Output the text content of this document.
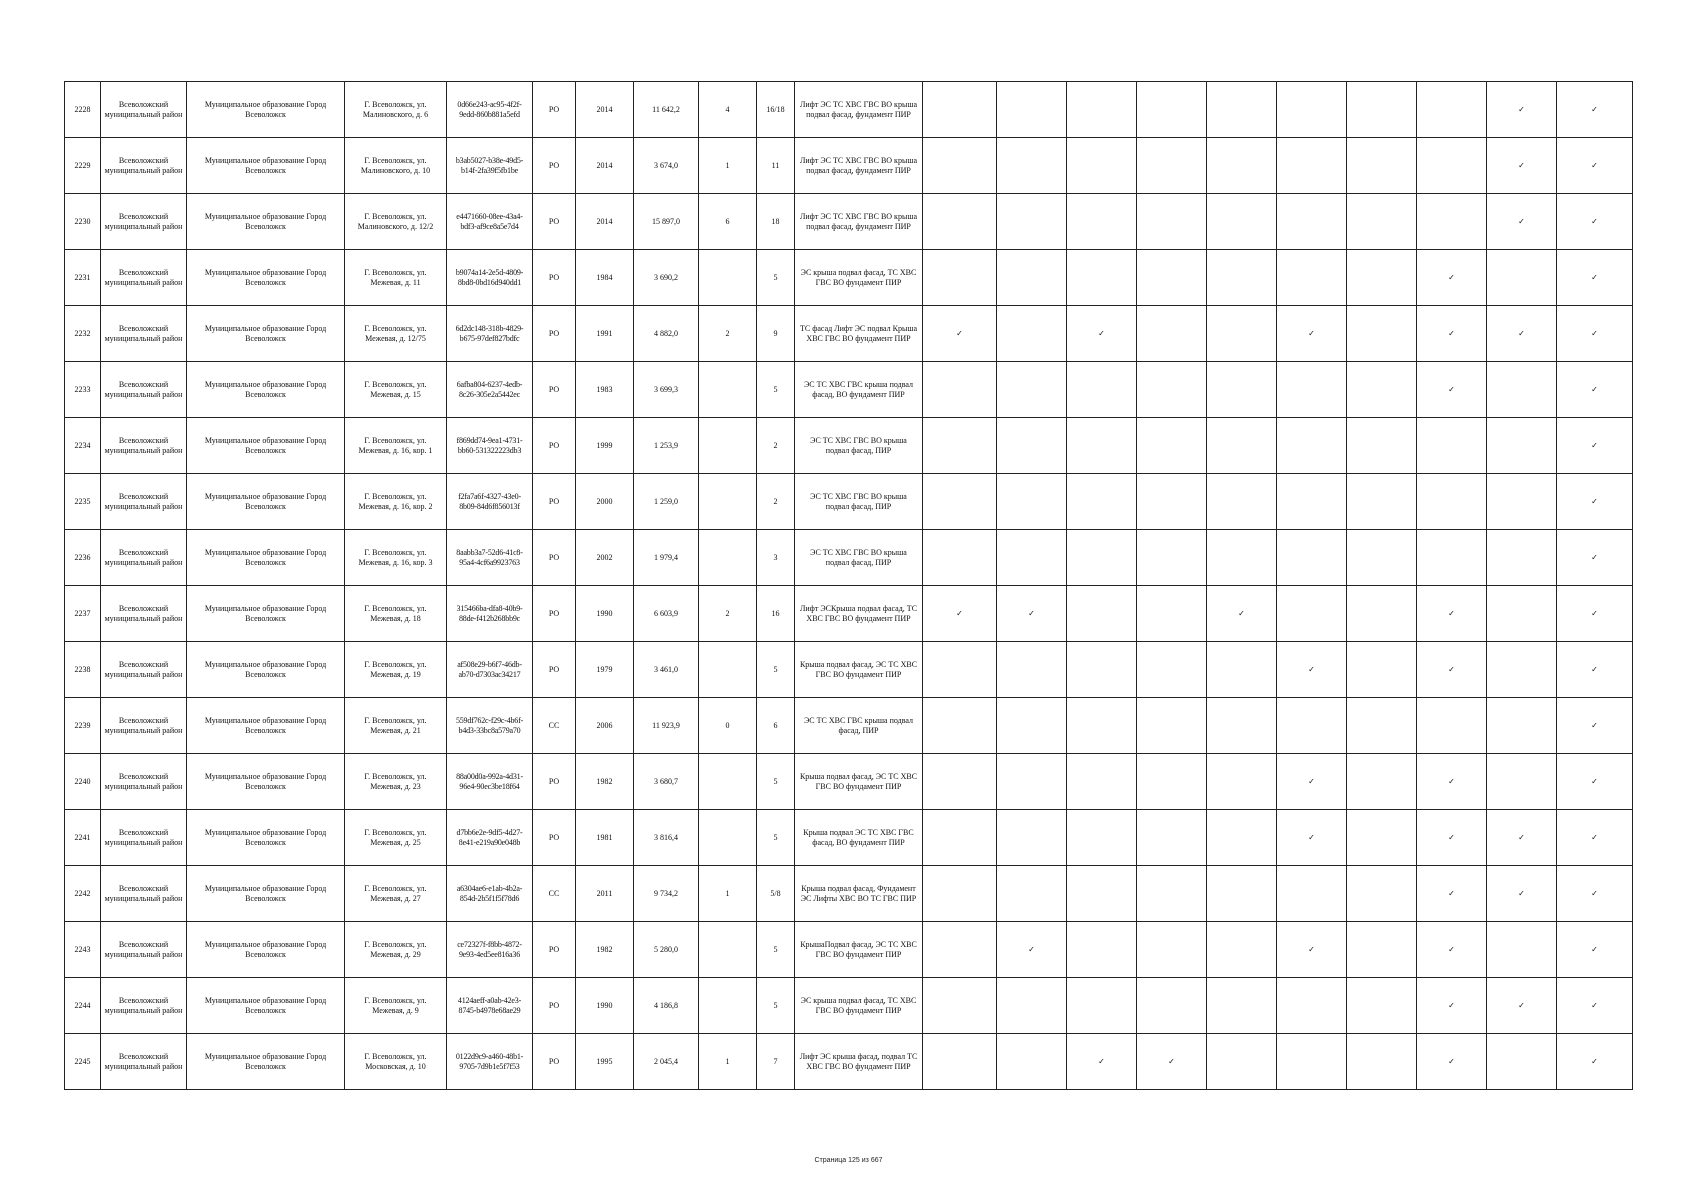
2228	Всеволожский муниципальный район	Муниципальное образование Город Всеволожск	Г. Всеволожск, ул. Малиновского, д. 6	0d66e243-ac95-4f2f-9edd-860b881a5efd	РО	2014	11 642,2	4	16/18	Лифт ЭС ТС ХВС ГВС ВО крыша подвал фасад, фундамент ПИР									✓	✓
2229	Всеволожский муниципальный район	Муниципальное образование Город Всеволожск	Г. Всеволожск, ул. Малиновского, д. 10	b3ab5027-b38e-49d5-b14f-2fa39f5fb1be	РО	2014	3 674,0	1	11	Лифт ЭС ТС ХВС ГВС ВО крыша подвал фасад, фундамент ПИР									✓	✓
2230	Всеволожский муниципальный район	Муниципальное образование Город Всеволожск	Г. Всеволожск, ул. Малиновского, д. 12/2	e4471660-08ee-43a4-bdf3-af9ce8a5e7d4	РО	2014	15 897,0	6	18	Лифт ЭС ТС ХВС ГВС ВО крыша подвал фасад, фундамент ПИР									✓	✓
2231	Всеволожский муниципальный район	Муниципальное образование Город Всеволожск	Г. Всеволожск, ул. Межевая, д. 11	b9074a14-2e5d-4809-8bd8-0bd16d940dd1	РО	1984	3 690,2		5	ЭС крыша подвал фасад, ТС ХВС ГВС ВО фундамент ПИР								✓		✓
2232	Всеволожский муниципальный район	Муниципальное образование Город Всеволожск	Г. Всеволожск, ул. Межевая, д. 12/75	6d2dc148-318b-4829-b675-97def827bdfc	РО	1991	4 882,0	2	9	ТС фасад Лифт ЭС подвал Крыша ХВС ГВС ВО фундамент ПИР	✓		✓			✓		✓	✓	✓
2233	Всеволожский муниципальный район	Муниципальное образование Город Всеволожск	Г. Всеволожск, ул. Межевая, д. 15	6afba804-6237-4edb-8c26-305e2a5442ec	РО	1983	3 699,3		5	ЭС ТС ХВС ГВС крыша подвал фасад, ВО фундамент ПИР								✓		✓
2234	Всеволожский муниципальный район	Муниципальное образование Город Всеволожск	Г. Всеволожск, ул. Межевая, д. 16, кор. 1	f869dd74-9ea1-4731-bb60-531322223db3	РО	1999	1 253,9		2	ЭС ТС ХВС ГВС ВО крыша подвал фасад, ПИР										✓
2235	Всеволожский муниципальный район	Муниципальное образование Город Всеволожск	Г. Всеволожск, ул. Межевая, д. 16, кор. 2	f2fa7a6f-4327-43e0-8b09-84d6f856013f	РО	2000	1 259,0		2	ЭС ТС ХВС ГВС ВО крыша подвал фасад, ПИР										✓
2236	Всеволожский муниципальный район	Муниципальное образование Город Всеволожск	Г. Всеволожск, ул. Межевая, д. 16, кор. 3	8aabb3a7-52d6-41c8-95a4-4cf6a9923763	РО	2002	1 979,4		3	ЭС ТС ХВС ГВС ВО крыша подвал фасад, ПИР										✓
2237	Всеволожский муниципальный район	Муниципальное образование Город Всеволожск	Г. Всеволожск, ул. Межевая, д. 18	315466ba-dfa8-40b9-88de-f412b268bb9c	РО	1990	6 603,9	2	16	Лифт ЭСКрыша подвал фасад, ТС ХВС ГВС ВО фундамент ПИР	✓	✓			✓			✓		✓
2238	Всеволожский муниципальный район	Муниципальное образование Город Всеволожск	Г. Всеволожск, ул. Межевая, д. 19	af508e29-b6f7-46db-ab70-d7303ac34217	РО	1979	3 461,0		5	Крыша подвал фасад, ЭС ТС ХВС ГВС ВО фундамент ПИР						✓		✓		✓
2239	Всеволожский муниципальный район	Муниципальное образование Город Всеволожск	Г. Всеволожск, ул. Межевая, д. 21	559df762c-f29c-4b6f-b4d3-33bc8a579a70	СС	2006	11 923,9	0	6	ЭС ТС ХВС ГВС крыша подвал фасад, ПИР										✓
2240	Всеволожский муниципальный район	Муниципальное образование Город Всеволожск	Г. Всеволожск, ул. Межевая, д. 23	88a00d0a-992a-4d31-96e4-90ec3be18f64	РО	1982	3 680,7		5	Крыша подвал фасад, ЭС ТС ХВС ГВС ВО фундамент ПИР						✓		✓		✓
2241	Всеволожский муниципальный район	Муниципальное образование Город Всеволожск	Г. Всеволожск, ул. Межевая, д. 25	d7bb6e2e-9df5-4d27-8e41-e219a90e048b	РО	1981	3 816,4		5	Крыша подвал ЭС ТС ХВС ГВС фасад, ВО фундамент ПИР						✓		✓	✓	✓
2242	Всеволожский муниципальный район	Муниципальное образование Город Всеволожск	Г. Всеволожск, ул. Межевая, д. 27	a6304ae6-e1ab-4b2a-854d-2b5f1f5f78d6	СС	2011	9 734,2	1	5/8	Крыша подвал фасад, Фундамент ЭС Лифты ХВС ВО ТС ГВС ПИР								✓	✓	✓
2243	Всеволожский муниципальный район	Муниципальное образование Город Всеволожск	Г. Всеволожск, ул. Межевая, д. 29	ce72327f-f8bb-4872-9e93-4ed5ee816a36	РО	1982	5 280,0		5	КрышаПодвал фасад, ЭС ТС ХВС ГВС ВО фундамент ПИР		✓				✓		✓		✓
2244	Всеволожский муниципальный район	Муниципальное образование Город Всеволожск	Г. Всеволожск, ул. Межевая, д. 9	4124aeff-a0ab-42e3-8745-b4978e68ae29	РО	1990	4 186,8		5	ЭС крыша подвал фасад, ТС ХВС ГВС ВО фундамент ПИР								✓	✓	✓
2245	Всеволожский муниципальный район	Муниципальное образование Город Всеволожск	Г. Всеволожск, ул. Московская, д. 10	0122d9c9-a460-48b1-9705-7d9b1e5f7f53	РО	1995	2 045,4	1	7	Лифт ЭС крыша фасад, подвал ТС ХВС ГВС ВО фундамент ПИР			✓	✓				✓		✓
Страница 125 из 667
